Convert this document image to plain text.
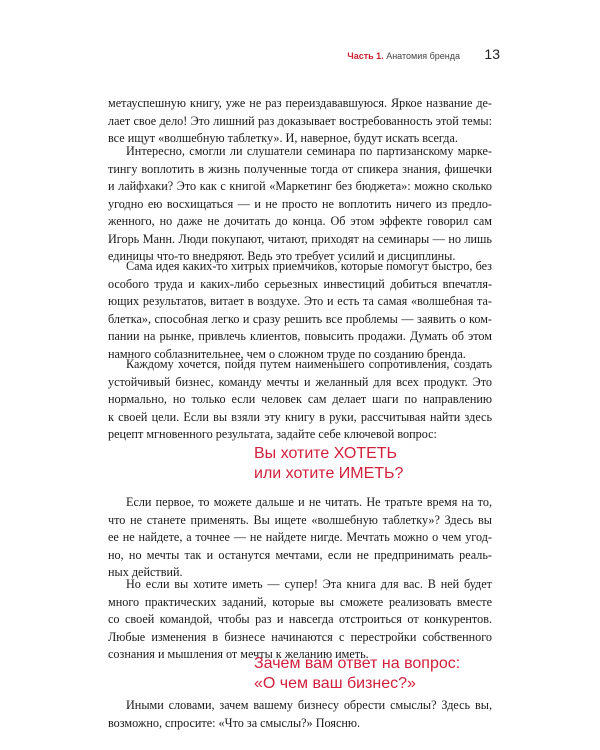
Часть 1. Анатомия бренда 13
метауспешную книгу, уже не раз переиздававшуюся. Яркое название де-
лает свое дело! Это лишний раз доказывает востребованность этой темы:
все ищут «волшебную таблетку». И, наверное, будут искать всегда.
Интересно, смогли ли слушатели семинара по партизанскому марке-
тингу воплотить в жизнь полученные тогда от спикера знания, фишечки
и лайфхаки? Это как с книгой «Маркетинг без бюджета»: можно сколько
угодно ею восхищаться — и не просто не воплотить ничего из предло-
женного, но даже не дочитать до конца. Об этом эффекте говорил сам
Игорь Манн. Люди покупают, читают, приходят на семинары — но лишь
единицы что-то внедряют. Ведь это требует усилий и дисциплины.
Сама идея каких-то хитрых приемчиков, которые помогут быстро, без
особого труда и каких-либо серьезных инвестиций добиться впечатля-
ющих результатов, витает в воздухе. Это и есть та самая «волшебная та-
блетка», способная легко и сразу решить все проблемы — заявить о ком-
пании на рынке, привлечь клиентов, повысить продажи. Думать об этом
намного соблазнительнее, чем о сложном труде по созданию бренда.
Каждому хочется, пойдя путем наименьшего сопротивления, создать
устойчивый бизнес, команду мечты и желанный для всех продукт. Это
нормально, но только если человек сам делает шаги по направлению
к своей цели. Если вы взяли эту книгу в руки, рассчитывая найти здесь
рецепт мгновенного результата, задайте себе ключевой вопрос:
Вы хотите ХОТЕТЬ
или хотите ИМЕТЬ?
Если первое, то можете дальше и не читать. Не тратьте время на то,
что не станете применять. Вы ищете «волшебную таблетку»? Здесь вы
ее не найдете, а точнее — не найдете нигде. Мечтать можно о чем угод-
но, но мечты так и останутся мечтами, если не предпринимать реаль-
ных действий.
Но если вы хотите иметь — супер! Эта книга для вас. В ней будет
много практических заданий, которые вы сможете реализовать вместе
со своей командой, чтобы раз и навсегда отстроиться от конкурентов.
Любые изменения в бизнесе начинаются с перестройки собственного
сознания и мышления от мечты к желанию иметь.
Зачем вам ответ на вопрос:
«О чем ваш бизнес?»
Иными словами, зачем вашему бизнесу обрести смыслы? Здесь вы,
возможно, спросите: «Что за смыслы?» Поясню.
